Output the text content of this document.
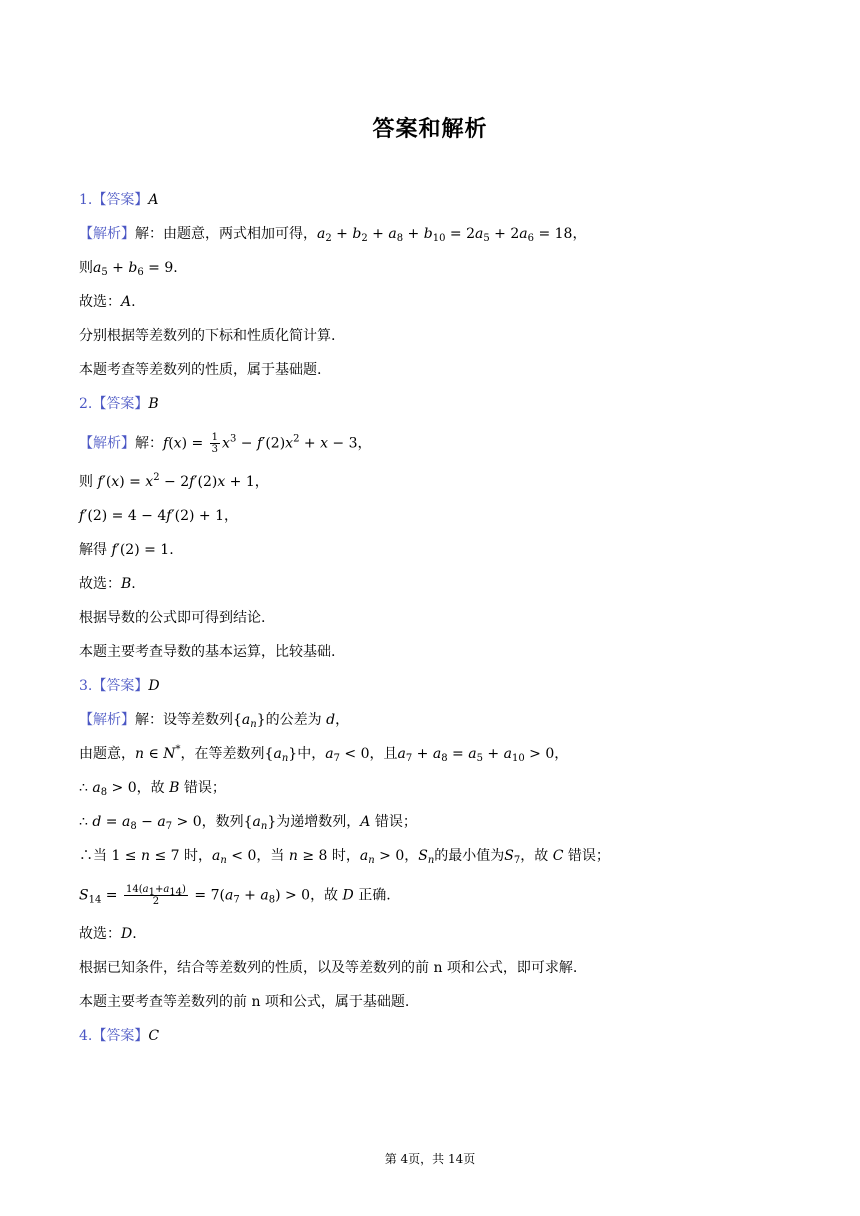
答案和解析
1.【答案】A
【解析】解：由题意，两式相加可得，$a_2 + b_2 + a_8 + b_{10} = 2a_5 + 2a_6 = 18$，
则$a_5 + b_6 = 9$.
故选：A.
分别根据等差数列的下标和性质化简计算.
本题考查等差数列的性质，属于基础题.
2.【答案】B
【解析】解：$f(x) = \frac{1}{3} x^3 - f'(2)x^2 + x - 3$，
则 $f'(x) = x^2 - 2f'(2)x + 1$，
f′(2) = 4 − 4f′(2) + 1，
解得 f′(2) = 1.
故选：B.
根据导数的公式即可得到结论.
本题主要考查导数的基本运算，比较基础.
3.【答案】D
【解析】解：设等差数列$\{a_n\}$的公差为 d，
由题意，n ∈ N*，在等差数列$\{a_n\}$中，$a_7 < 0$，且$a_7 + a_8 = a_5 + a_{10} > 0$，
∴ $a_8 > 0$，故 B 错误；
∴ $d = a_8 - a_7 > 0$，数列$\{a_n\}$为递增数列，A 错误；
∴当 1 ≤ n ≤ 7 时，$a_n < 0$，当 n ≥ 8 时，$a_n > 0$，$S_n$的最小值为$S_7$，故 C 错误；
$S_{14} = \frac{14(a_1+a_{14})}{2} = 7(a_7 + a_8) > 0$，故 D 正确.
故选：D.
根据已知条件，结合等差数列的性质，以及等差数列的前 n 项和公式，即可求解.
本题主要考查等差数列的前 n 项和公式，属于基础题.
4.【答案】C
第 4页，共 14页
